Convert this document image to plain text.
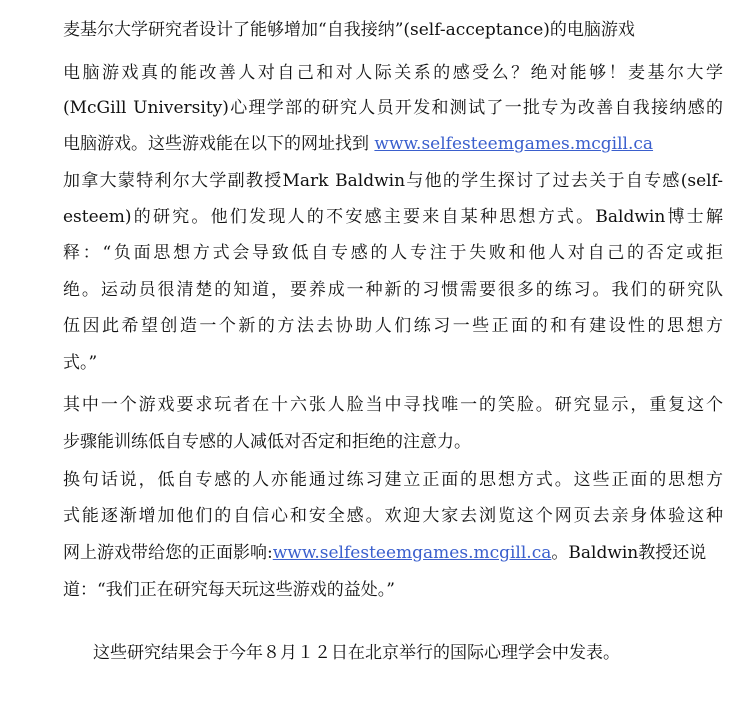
麦基尔大学研究者设计了能够增加“自我接纳”(self-acceptance)的电脑游戏
电脑游戏真的能改善人对自己和对人际关系的感受么？绝对能够！麦基尔大学
(McGill University)心理学部的研究人员开发和测试了一批专为改善自我接纳感的
电脑游戏。这些游戏能在以下的网址找到 www.selfesteemgames.mcgill.ca
加拿大蒙特利尔大学副教授Mark Baldwin与他的学生探讨了过去关于自专感(self-
esteem)的研究。他们发现人的不安感主要来自某种思想方式。Baldwin博士解
释：“负面思想方式会导致低自专感的人专注于失败和他人对自己的否定或拒
绝。运动员很清楚的知道，要养成一种新的习惯需要很多的练习。我们的研究队
伍因此希望创造一个新的方法去协助人们练习一些正面的和有建设性的思想方
式。”
其中一个游戏要求玩者在十六张人脸当中寻找唯一的笑脸。研究显示，重复这个
步骤能训练低自专感的人减低对否定和拒绝的注意力。
换句话说，低自专感的人亦能通过练习建立正面的思想方式。这些正面的思想方
式能逐渐增加他们的自信心和安全感。欢迎大家去浏览这个网页去亲身体验这种
网上游戏带给您的正面影响:www.selfesteemgames.mcgill.ca。Baldwin教授还说
道：“我们正在研究每天玩这些游戏的益处。”
这些研究结果会于今年８月１２日在北京举行的国际心理学会中发表。
